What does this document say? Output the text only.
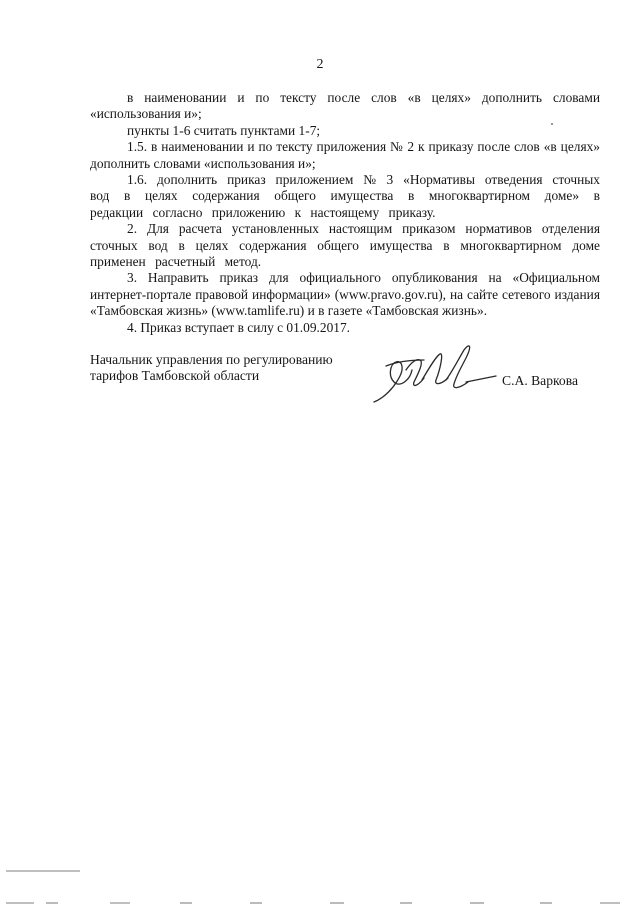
2

в наименовании и по тексту после слов «в целях» дополнить словами «использования и»;

пункты 1-6 считать пунктами 1-7;

1.5. в наименовании и по тексту приложения № 2 к приказу после слов «в целях» дополнить словами «использования и»;

1.6. дополнить приказ приложением № 3 «Нормативы отведения сточных вод в целях содержания общего имущества в многоквартирном доме» в редакции согласно приложению к настоящему приказу.

2. Для расчета установленных настоящим приказом нормативов отделения сточных вод в целях содержания общего имущества в многоквартирном доме применен расчетный метод.

3. Направить приказ для официального опубликования на «Официальном интернет-портале правовой информации» (www.pravo.gov.ru), на сайте сетевого издания «Тамбовская жизнь» (www.tamlife.ru) и в газете «Тамбовская жизнь».

4. Приказ вступает в силу с 01.09.2017.

Начальник управления по регулированию
тарифов Тамбовской области	С.А. Варкова
